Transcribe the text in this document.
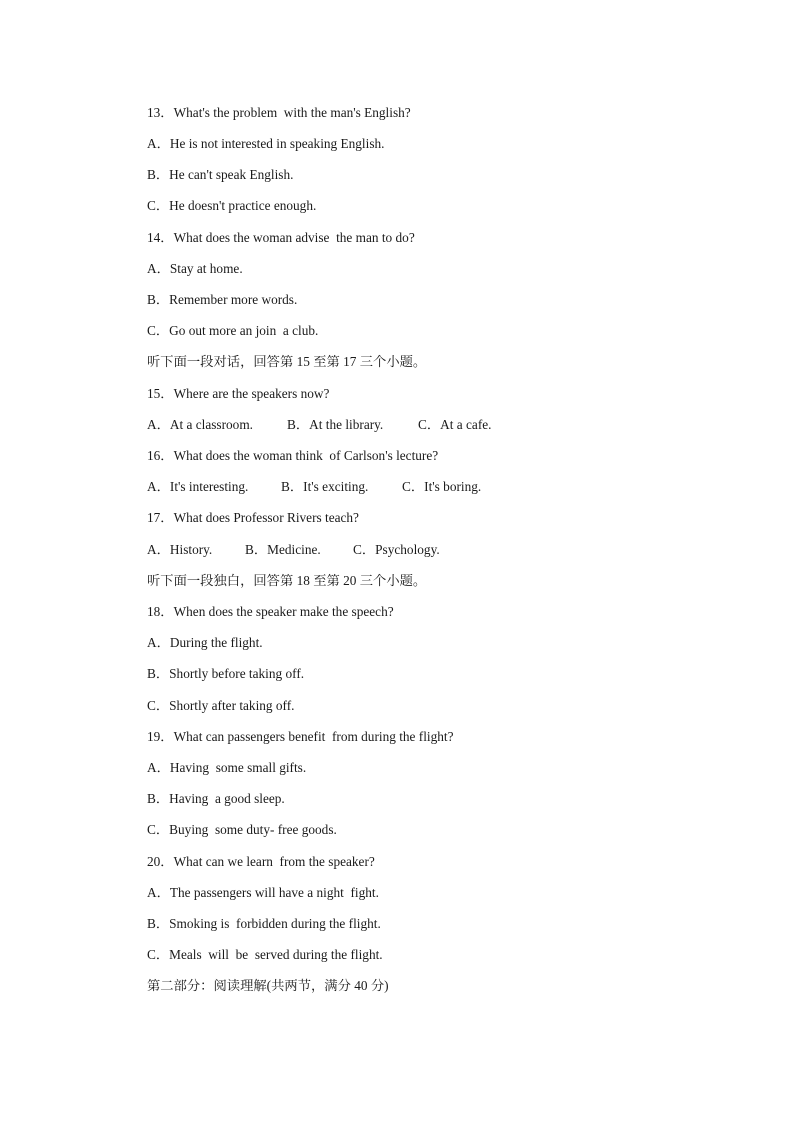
13．What's the problem  with the man's English?
A．He is not interested in speaking English.
B．He can't speak English.
C．He doesn't practice enough.
14．What does the woman advise  the man to do?
A．Stay at home.
B．Remember more words.
C．Go out more an join  a club.
听下面一段对话，回答第 15 至第 17 三个小题。
15．Where are the speakers now?
A．At a classroom.	B．At the library.	C．At a cafe.
16．What does the woman think  of Carlson's lecture?
A．It's interesting.	B．It's exciting.	C．It's boring.
17．What does Professor Rivers teach?
A．History.	B．Medicine.	C．Psychology.
听下面一段独白，回答第 18 至第 20 三个小题。
18．When does the speaker make the speech?
A．During the flight.
B．Shortly before taking off.
C．Shortly after taking off.
19．What can passengers benefit  from during the flight?
A．Having  some small gifts.
B．Having  a good sleep.
C．Buying  some duty- free goods.
20．What can we learn  from the speaker?
A．The passengers will have a night  fight.
B．Smoking is  forbidden during the flight.
C．Meals  will  be  served during the flight.
第二部分：阅读理解(共两节，满分 40 分)
